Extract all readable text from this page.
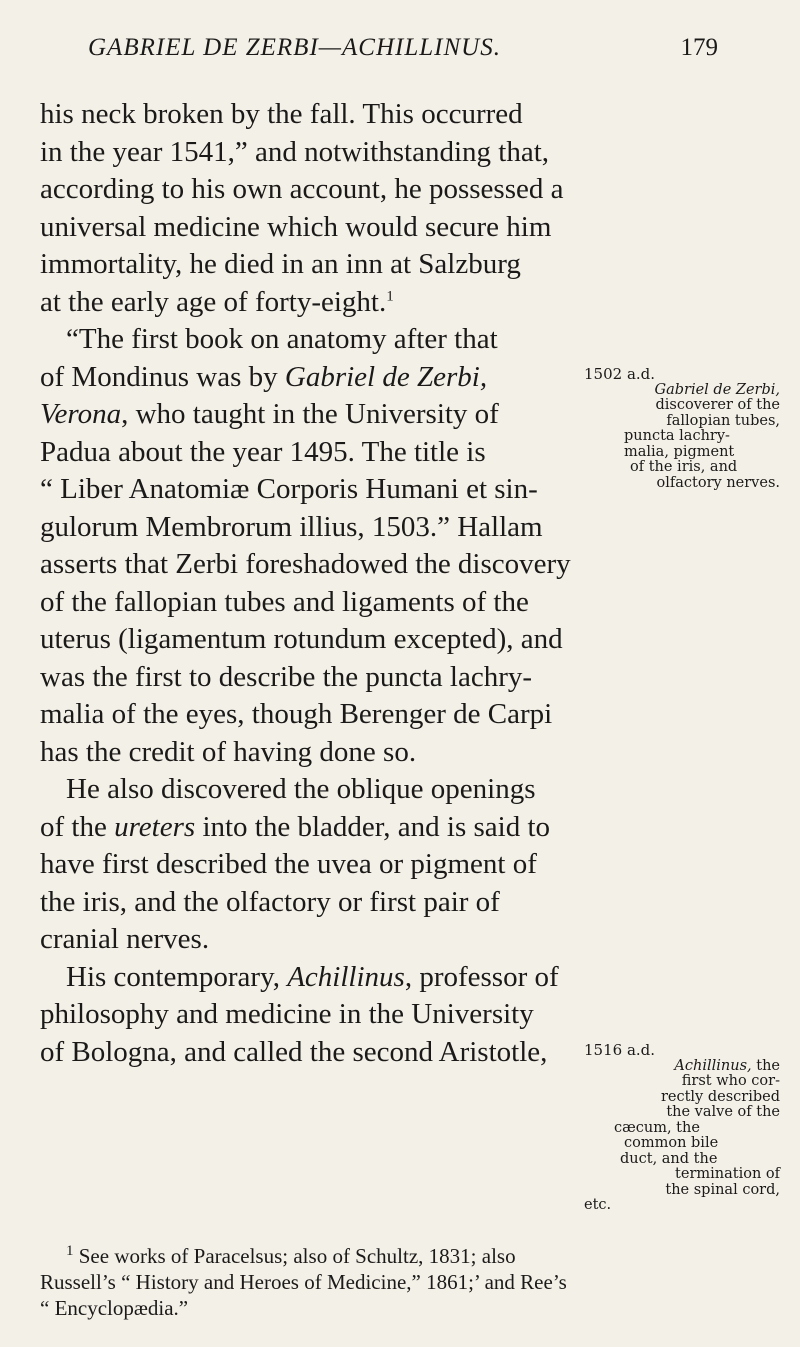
GABRIEL DE ZERBI—ACHILLINUS.	179
his neck broken by the fall. This occurred
in the year 1541,” and notwithstanding that,
according to his own account, he possessed a
universal medicine which would secure him
immortality, he died in an inn at Salzburg
at the early age of forty-eight.$^1$
“The first book on anatomy after that
of Mondinus was by Gabriel de Zerbi,
Verona, who taught in the University of
Padua about the year 1495. The title is
“ Liber Anatomiæ Corporis Humani et sin-
gulorum Membrorum illius, 1503.” Hallam
asserts that Zerbi foreshadowed the discovery
of the fallopian tubes and ligaments of the
uterus (ligamentum rotundum excepted), and
was the first to describe the puncta lachry-
malia of the eyes, though Berenger de Carpi
has the credit of having done so.
He also discovered the oblique openings
of the ureters into the bladder, and is said to
have first described the uvea or pigment of
the iris, and the olfactory or first pair of
cranial nerves.
His contemporary, Achillinus, professor of
philosophy and medicine in the University
of Bologna, and called the second Aristotle,
1502 a.d.
Gabriel de Zerbi,
discoverer of the
fallopian tubes,
puncta lachry-
malia, pigment
of the iris, and
olfactory nerves.
1516 a.d.
Achillinus, the
first who cor-
rectly described
the valve of the
cæcum, the
common bile
duct, and the
termination of
the spinal cord,
etc.
$^1$ See works of Paracelsus; also of Schultz, 1831; also
Russell’s “ History and Heroes of Medicine,” 1861;’ and Ree’s
“ Encyclopædia.”
